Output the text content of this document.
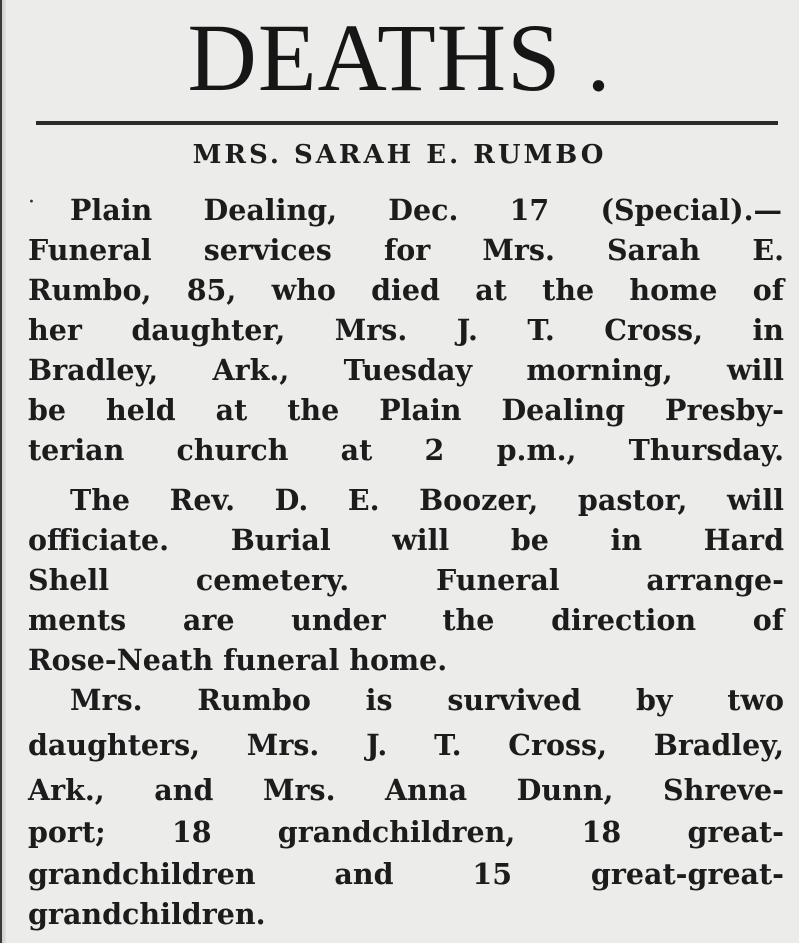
DEATHS .
MRS. SARAH E. RUMBO
· Plain Dealing, Dec. 17 (Special).—
Funeral services for Mrs. Sarah E.
Rumbo, 85, who died at the home of
her daughter, Mrs. J. T. Cross, in
Bradley, Ark., Tuesday morning, will
be held at the Plain Dealing Presby-
terian church at 2 p.m., Thursday.
The Rev. D. E. Boozer, pastor, will
officiate. Burial will be in Hard
Shell cemetery. Funeral arrange-
ments are under the direction of
Rose-Neath funeral home.
Mrs. Rumbo is survived by two
daughters, Mrs. J. T. Cross, Bradley,
Ark., and Mrs. Anna Dunn, Shreve-
port; 18 grandchildren, 18 great-
grandchildren and 15 great-great-
grandchildren.
